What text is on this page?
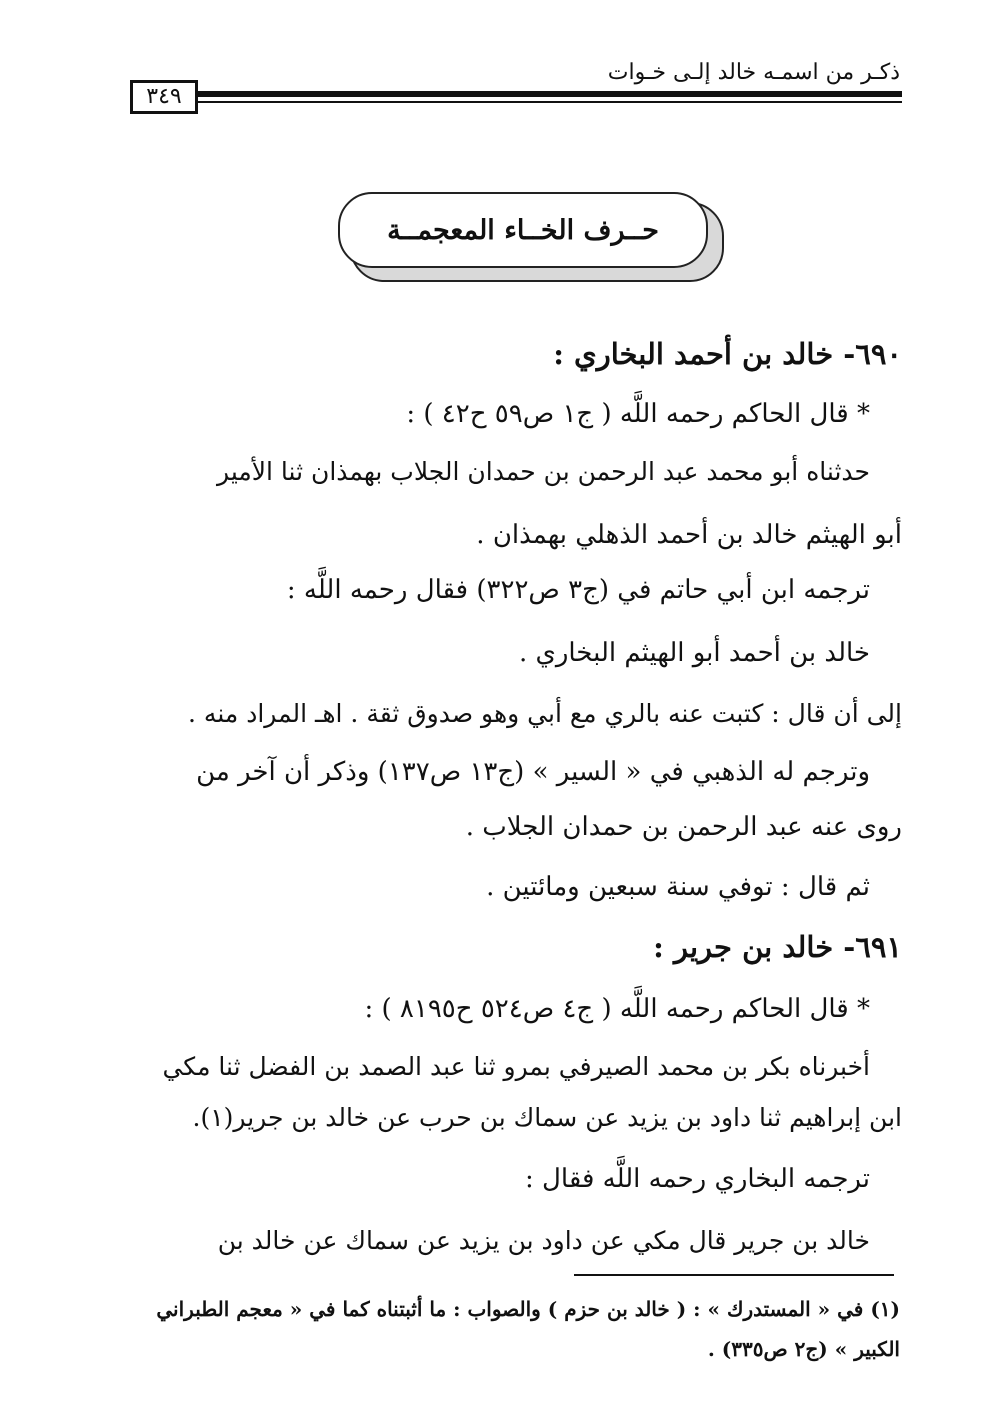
ذكـر من اسمـه خالد إلـى خـوات
٣٤٩
حــرف الخــاء المعجمــة
٦٩٠- خالد بن أحمد البخاري :
* قال الحاكم رحمه اللَّه ( ج١ ص٥٩ ح٤٢ ) :
حدثناه أبو محمد عبد الرحمن بن حمدان الجلاب بهمذان ثنا الأمير
أبو الهيثم خالد بن أحمد الذهلي بهمذان .
ترجمه ابن أبي حاتم في (ج٣ ص٣٢٢) فقال رحمه اللَّه :
خالد بن أحمد أبو الهيثم البخاري .
إلى أن قال : كتبت عنه بالري مع أبي وهو صدوق ثقة . اهـ المراد منه .
وترجم له الذهبي في « السير » (ج١٣ ص١٣٧) وذكر أن آخر من
روى عنه عبد الرحمن بن حمدان الجلاب .
ثم قال : توفي سنة سبعين ومائتين .
٦٩١- خالد بن جرير :
* قال الحاكم رحمه اللَّه ( ج٤ ص٥٢٤ ح٨١٩٥ ) :
أخبرناه بكر بن محمد الصيرفي بمرو ثنا عبد الصمد بن الفضل ثنا مكي
ابن إبراهيم ثنا داود بن يزيد عن سماك بن حرب عن خالد بن جرير(١).
ترجمه البخاري رحمه اللَّه فقال :
خالد بن جرير قال مكي عن داود بن يزيد عن سماك عن خالد بن
(١) في « المستدرك » : ( خالد بن حزم ) والصواب : ما أثبتناه كما في « معجم الطبراني
الكبير » (ج٢ ص٣٣٥) .
